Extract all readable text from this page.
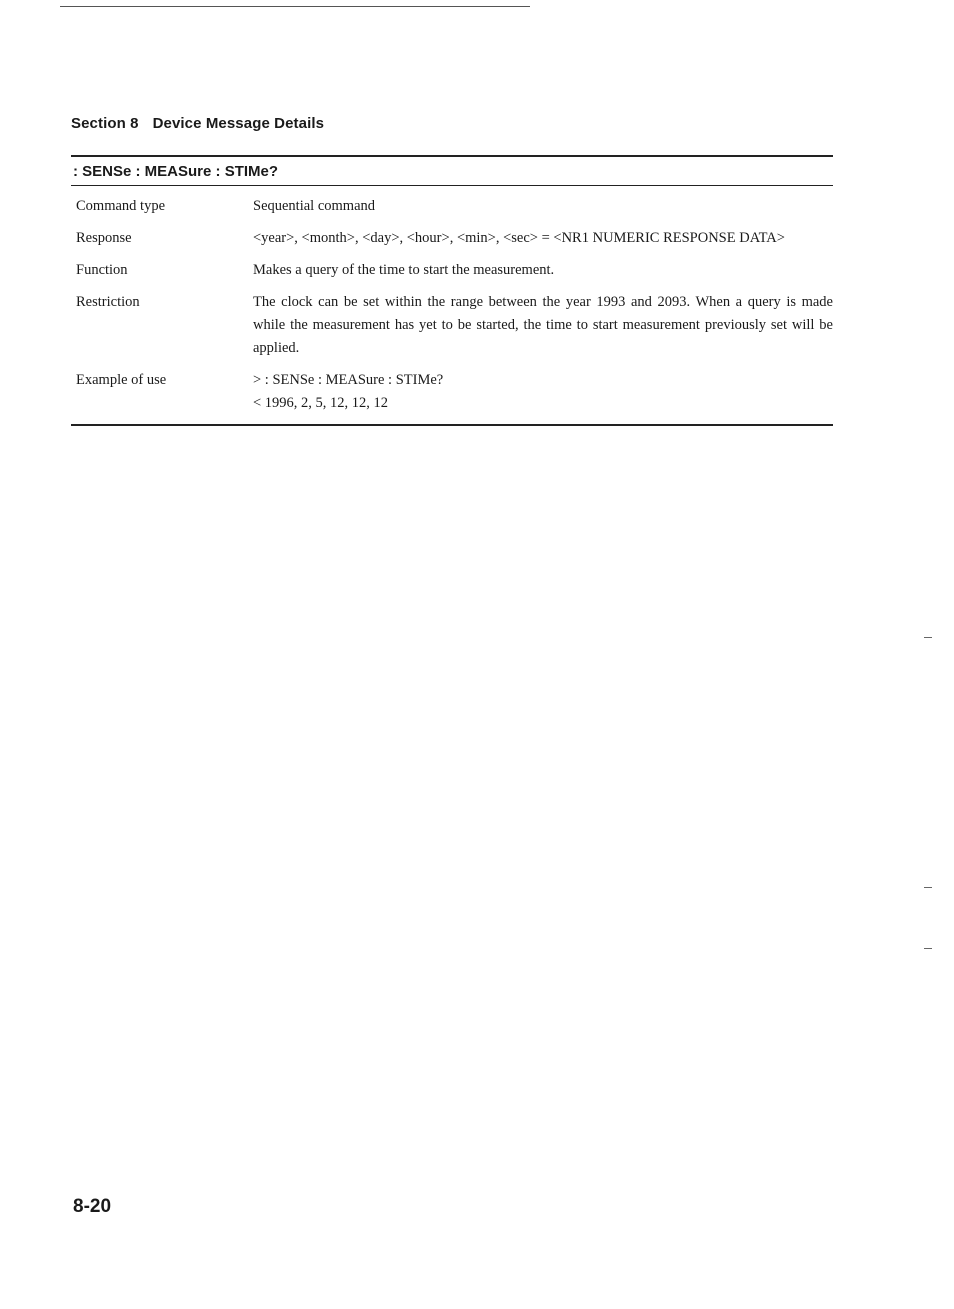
Section 8 Device Message Details
: SENSe : MEASure : STIMe?
Command type	Sequential command

Response	<year>, <month>, <day>, <hour>, <min>, <sec> = <NR1 NUMERIC RESPONSE DATA>

Function	Makes a query of the time to start the measurement.

Restriction	The clock can be set within the range between the year 1993 and 2093. When a query is made while the measurement has yet to be started, the time to start measurement previously set will be applied.

Example of use	> : SENSe : MEASure : STIMe?

< 1996, 2, 5, 12, 12, 12

8-20
